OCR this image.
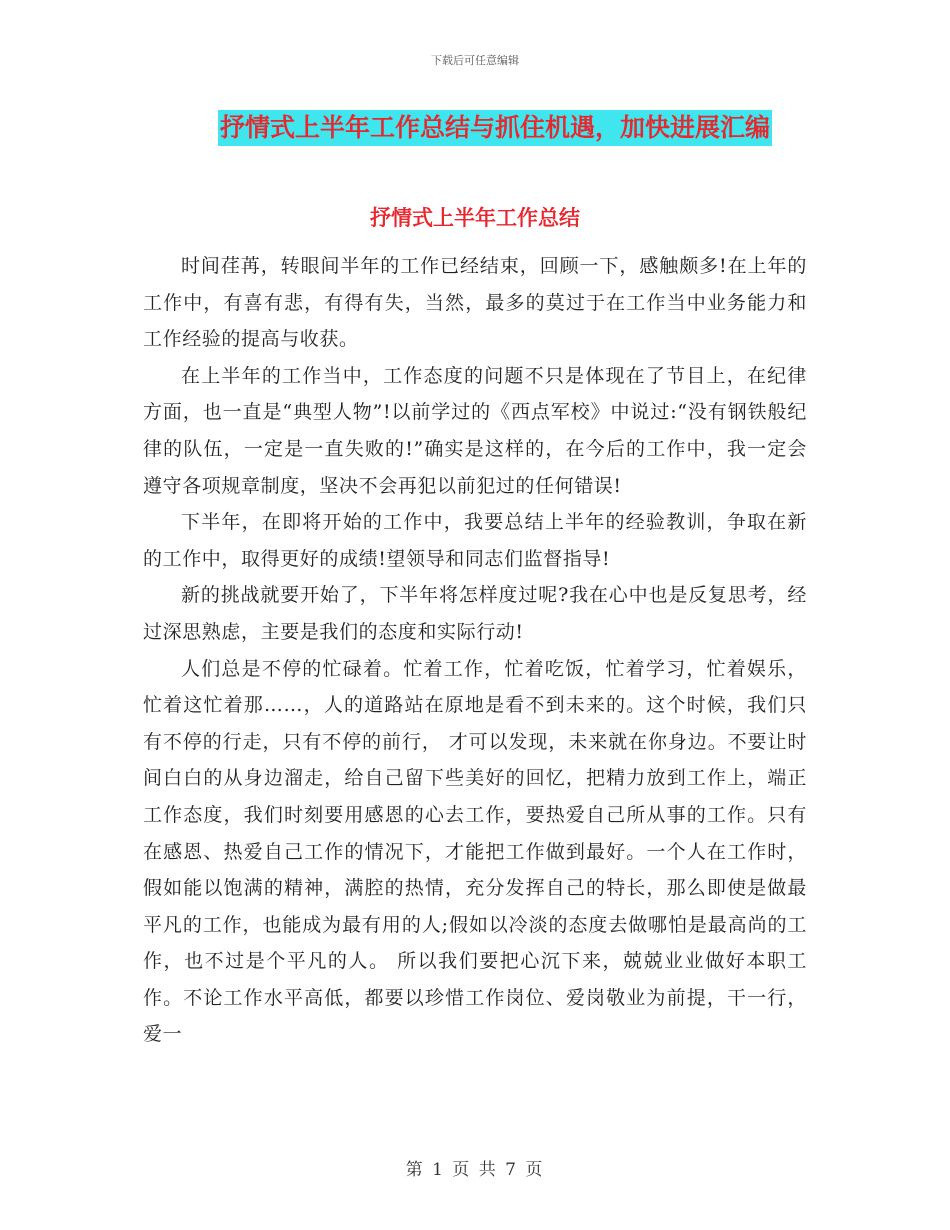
下载后可任意编辑
抒情式上半年工作总结与抓住机遇，加快进展汇编
抒情式上半年工作总结

时间荏苒，转眼间半年的工作已经结束，回顾一下，感触颇多!在上年的工作中，有喜有悲，有得有失，当然，最多的莫过于在工作当中业务能力和工作经验的提高与收获。

在上半年的工作当中，工作态度的问题不只是体现在了节目上，在纪律方面，也一直是“典型人物”!以前学过的《西点军校》中说过:“没有钢铁般纪律的队伍，一定是一直失败的!”确实是这样的，在今后的工作中，我一定会遵守各项规章制度，坚决不会再犯以前犯过的任何错误!

下半年，在即将开始的工作中，我要总结上半年的经验教训，争取在新的工作中，取得更好的成绩!望领导和同志们监督指导!

新的挑战就要开始了，下半年将怎样度过呢?我在心中也是反复思考，经过深思熟虑，主要是我们的态度和实际行动!

人们总是不停的忙碌着。忙着工作，忙着吃饭，忙着学习，忙着娱乐，忙着这忙着那……，人的道路站在原地是看不到未来的。这个时候，我们只有不停的行走，只有不停的前行， 才可以发现，未来就在你身边。不要让时间白白的从身边溜走，给自己留下些美好的回忆，把精力放到工作上，端正工作态度，我们时刻要用感恩的心去工作，要热爱自己所从事的工作。只有在感恩、热爱自己工作的情况下，才能把工作做到最好。一个人在工作时，假如能以饱满的精神，满腔的热情，充分发挥自己的特长，那么即使是做最平凡的工作，也能成为最有用的人;假如以冷淡的态度去做哪怕是最高尚的工作，也不过是个平凡的人。 所以我们要把心沉下来，兢兢业业做好本职工作。不论工作水平高低，都要以珍惜工作岗位、爱岗敬业为前提，干一行，爱一

第 1 页 共 7 页
